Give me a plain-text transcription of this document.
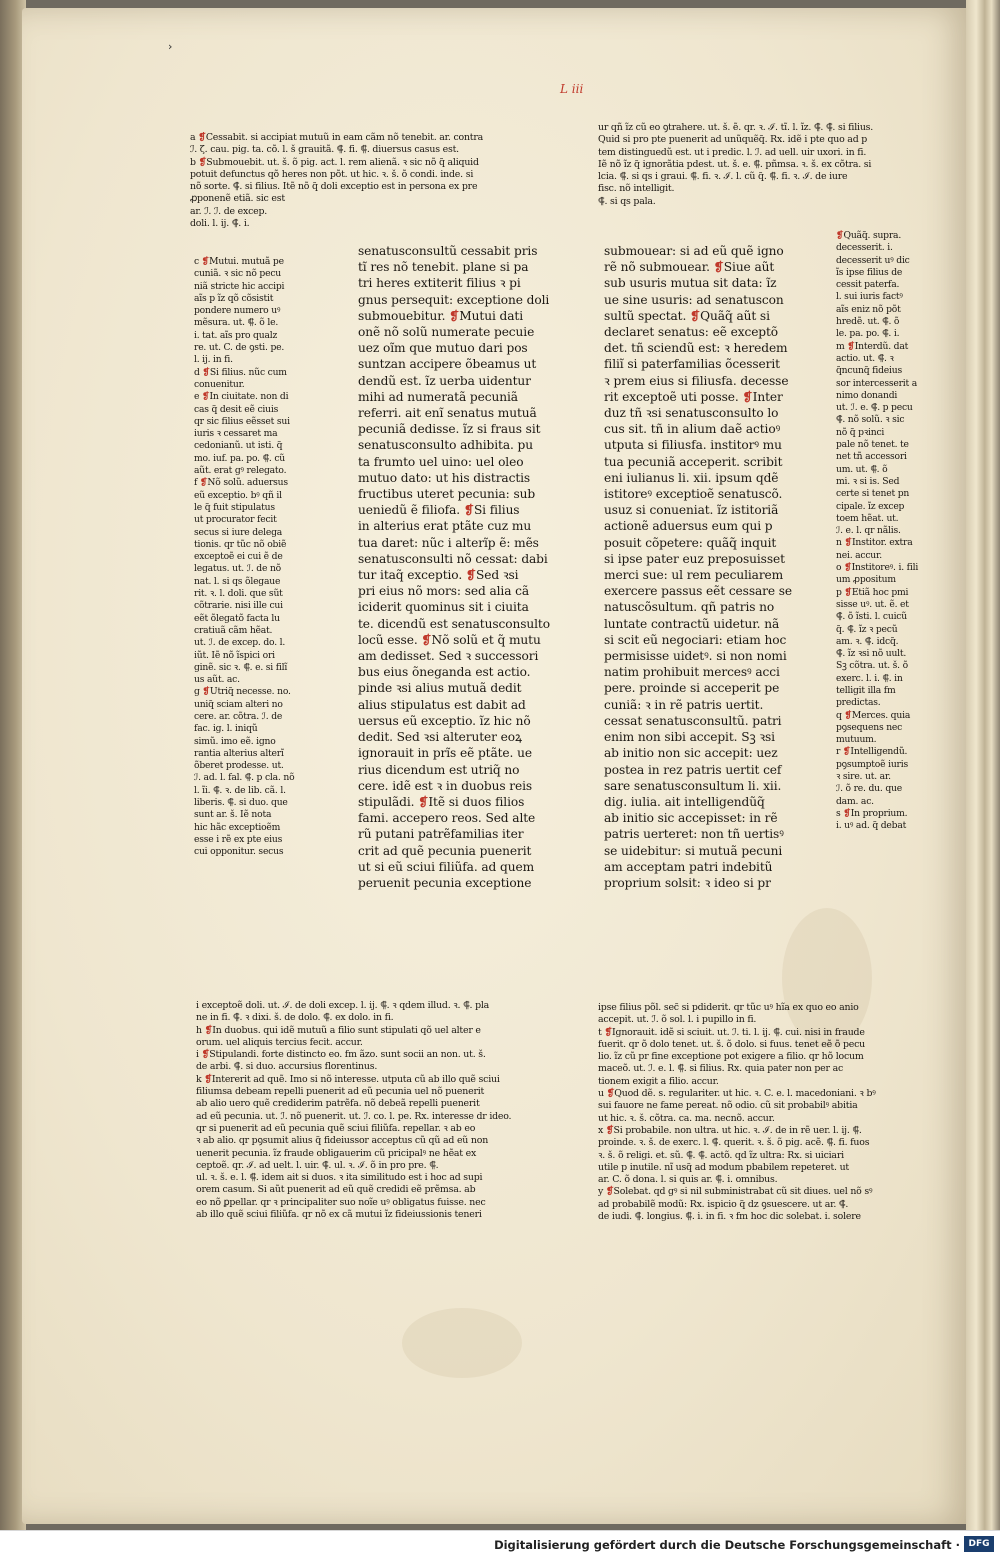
›
L iii

a ❡Cessabit. si accipiat mutuũ in eam cãm nõ tenebit. ar. contra

ℐ. ζ. cau. pig. ta. cõ. l. š grauitã. ⸿. fi. ⸿. diuersus casus est.

b ❡Submouebit. ut. š. õ pig. act. l. rem alienã. ꝛ sic nõ q̃ aliquid

potuit defunctus qõ heres non põt. ut hic. ꝛ. š. õ condi. inde. si

nõ sorte. ⸿. si filius. Itẽ nõ q̃ doli exceptio est in persona ex pre

ꝓponenẽ etiã. sic est

ar. ℐ. ℐ. de excep.

doli. l. ij. ⸿. i.

ur qñ ĩz cũ eo ꝯtrahere. ut. š. ẽ. qr. ꝛ. ℐ. tĩ. l. ĩz. ⸿. ⸿. si filius.

Quid si pro pte puenerit ad unũquẽq̃. Rx. idẽ i pte quo ad p

tem distinguedũ est. ut i predic. l. ℐ. ad uell. uir uxori. in fi.

Iẽ nõ ĩz q̃ ignorãtia pdest. ut. š. e. ⸿. pñmsa. ꝛ. š. ex cõtra. si

lcia. ⸿. si qs i graui. ⸿. fi. ꝛ. ℐ. l. cũ q̃. ⸿. fi. ꝛ. ℐ. de iure

fisc. nõ intelligit.

⸿. si qs pala.

c ❡Mutui. mutuã pe

cuniã. ꝛ sic nõ pecu

niã stricte hic accipi

aĩs p ĩz qõ cõsistit

pondere numero uꝰ

mẽsura. ut. ⸿. õ le.

i. tat. aĩs pro qualz

re. ut. C. de ꝯsti. pe.

l. ij. in fi.

d ❡Si filius. nũc cum

conuenitur.

e ❡In ciuitate. non di

cas q̃ desit eẽ ciuis

qr sic filius eẽsset sui

iuris ꝛ cessaret ma

cedonianũ. ut isti. q̃

mo. iuf. pa. po. ⸿. cũ

aũt. erat gꝰ relegato.

f ❡Nõ solũ. aduersus

eũ exceptio. bꝰ qñ il

le q̃ fuit stipulatus

ut procurator fecit

secus si iure delega

tionis. qr tũc nõ obiẽ

exceptoẽ ei cui ẽ de

legatus. ut. ℐ. de nõ

nat. l. si qs õlegaue

rit. ꝛ. l. doli. que sũt

cõtrarie. nisi ille cui

eẽt õlegatõ facta lu

cratiuã cãm hẽat.

ut. ℐ. de excep. do. l.

iũt. Iẽ nõ ĩspici ori

ginẽ. sic ꝛ. ⸿. e. si filĩ

us aũt. ac.

g ❡Utriq̃ necesse. no.

uniq̃ sciam alteri no

cere. ar. cõtra. ℐ. de

fac. ig. l. iniqũ

simũ. imo eẽ. igno

rantia alterius alterĩ

õberet prodesse. ut.

ℐ. ad. l. fal. ⸿. p cla. nõ

l. ĩi. ⸿. ꝛ. de lib. cã. l.

liberis. ⸿. si duo. que

sunt ar. š. Iẽ nota

hic hãc exceptioẽm

esse i rẽ ex pte eius

cui opponitur. secus

senatusconsultũ cessabit pris

tĩ res nõ tenebit. plane si pa

tri heres extiterit filius ꝛ pi

gnus persequit: exceptione doli

submouebitur. ❡Mutui dati

onẽ nõ solũ numerate pecuie

uez oĩm que mutuo dari pos

suntzan accipere õbeamus ut

dendũ est. ĩz uerba uidentur

mihi ad numeratã pecuniã

referri. ait enĩ senatus mutuã

pecuniã dedisse. ĩz si fraus sit

senatusconsulto adhibita. pu

ta frumto uel uino: uel oleo

mutuo dato: ut his distractis

fructibus uteret pecunia: sub

ueniedũ ẽ filiofa. ❡Si filius

in alterius erat ptãte cuz mu

tua daret: nũc i alterĩp ẽ: mẽs

senatusconsulti nõ cessat: dabi

tur itaq̃ exceptio. ❡Sed ꝛsi

pri eius nõ mors: sed alia cã

iciderit quominus sit i ciuita

te. dicendũ est senatusconsulto

locũ esse. ❡Nõ solũ et q̃ mutu

am dedisset. Sed ꝛ successori

bus eius õneganda est actio.

pinde ꝛsi alius mutuã dedit

alius stipulatus est dabit ad

uersus eũ exceptio. ĩz hic nõ

dedit. Sed ꝛsi alteruter eoꝝ

ignorauit in prĩs eẽ ptãte. ue

rius dicendum est utriq̃ no

cere. idẽ est ꝛ in duobus reis

stipulãdi. ❡Itẽ si duos filios

fami. accepero reos. Sed alte

rũ putani patrẽfamilias iter

crit ad quẽ pecunia puenerit

ut si eũ sciui filiũfa. ad quem

peruenit pecunia exceptione

submouear: si ad eũ quẽ igno

rẽ nõ submouear. ❡Siue aũt

sub usuris mutua sit data: ĩz

ue sine usuris: ad senatuscon

sultũ spectat. ❡Quãq̃ aũt si

declaret senatus: eẽ exceptõ

det. tñ sciendũ est: ꝛ heredem

filiĩ si paterfamilias õcesserit

ꝛ prem eius si filiusfa. decesse

rit exceptoẽ uti posse. ❡Inter

duz tñ ꝛsi senatusconsulto lo

cus sit. tñ in alium daẽ actioꝰ

utputa si filiusfa. institorꝰ mu

tua pecuniã acceperit. scribit

eni iulianus li. xii. ipsum qdẽ

istitoreꝰ exceptioẽ senatuscõ.

usuz si conueniat. ĩz istitoriã

actionẽ aduersus eum qui p

posuit cõpetere: quãq̃ inquit

si ipse pater euz preposuisset

merci sue: ul rem peculiarem

exercere passus eẽt cessare se

natuscõsultum. qñ patris no

luntate contractũ uidetur. nã

si scit eũ negociari: etiam hoc

permisisse uidetꝰ. si non nomi

natim prohibuit mercesꝰ acci

pere. proinde si acceperit pe

cuniã: ꝛ in rẽ patris uertit.

cessat senatusconsultũ. patri

enim non sibi accepit. Sꝫ ꝛsi

ab initio non sic accepit: uez

postea in rez patris uertit cef

sare senatusconsultum li. xii.

dig. iulia. ait intelligendũq̃

ab initio sic accepisset: in rẽ

patris uerteret: non tñ uertisꝰ

se uidebitur: si mutuã pecuni

am acceptam patri indebitũ

proprium solsit: ꝛ ideo si pr

❡Quãq̃. supra.

decesserit. i.

decesserit uꝰ dic

ĩs ipse filius de

cessit paterfa.

l. sui iuris factꝰ

aĩs eniz nõ põt

hredẽ. ut. ⸿. õ

le. pa. po. ⸿. i.

m ❡Interdũ. dat

actio. ut. ⸿. ꝛ

q̃ncunq̃ fideius

sor intercesserit a

nimo donandi

ut. ℐ. e. ⸿. p pecu

⸿. nõ solũ. ꝛ sic

nõ q̃ pꝛinci

pale nõ tenet. te

net tñ accessori

um. ut. ⸿. õ

mi. ꝛ si is. Sed

certe si tenet pn

cipale. ĩz excep

toem hẽat. ut.

ℐ. e. l. qr nãlis.

n ❡Institor. extra

nei. accur.

o ❡Institoreꝰ. i. fili

um ꝓpositum

p ❡Etiã hoc pmi

sisse uꝰ. ut. ẽ. et

⸿. õ ĩsti. l. cuicũ

q̃. ⸿. ĩz ꝛ pecũ

am. ꝛ. ⸿. idcq̃.

⸿. ĩz ꝛsi nõ uult.

Sꝫ cõtra. ut. š. õ

exerc. l. i. ⸿. in

telligit illa fm

predictas.

q ❡Merces. quia

pꝯsequens nec

mutuum.

r ❡Intelligendũ.

pꝯsumptoẽ iuris

ꝛ sire. ut. ar.

ℐ. õ re. du. que

dam. ac.

s ❡In proprium.

i. uꝰ ad. q̃ debat

i exceptoẽ doli. ut. ℐ. de doli excep. l. ij. ⸿. ꝛ qdem illud. ꝛ. ⸿. pla

ne in fi. ⸿. ꝛ dixi. š. de dolo. ⸿. ex dolo. in fi.

h ❡In duobus. qui idẽ mutuũ a filio sunt stipulati qõ uel alter e

orum. uel aliquis tercius fecit. accur.

i ❡Stipulandi. forte distincto eo. fm ãzo. sunt socii an non. ut. š.

de arbi. ⸿. si duo. accursius florentinus.

k ❡Intererit ad quẽ. Imo si nõ interesse. utputa cũ ab illo quẽ sciui

filiumsa debeam repelli puenerit ad eũ pecunia uel nõ puenerit

ab alio uero quẽ crediderim patrẽfa. nõ debeã repelli puenerit

ad eũ pecunia. ut. ℐ. nõ puenerit. ut. ℐ. co. l. pe. Rx. interesse dr ideo.

qr si puenerit ad eũ pecunia quẽ sciui filiũfa. repellar. ꝛ ab eo

ꝛ ab alio. qr pꝯsumit alius q̃ fideiussor acceptus cũ qũ ad eũ non

uenerit pecunia. ĩz fraude obligauerim cũ pricipalꝰ ne hẽat ex

ceptoẽ. qr. ℐ. ad uelt. l. uir. ⸿. ul. ꝛ. ℐ. õ in pro pre. ⸿.

ul. ꝛ. š. e. l. ⸿. idem ait si duos. ꝛ ita similitudo est i hoc ad supi

orem casum. Si aũt puenerit ad eũ quẽ credidi eẽ prẽmsa. ab

eo nõ ꝑpellar. qr ꝛ principaliter suo noĩe uꝰ obligatus fuisse. nec

ab illo quẽ sciui filiũfa. qr nõ ex cã mutui ĩz fideiussionis teneri

ipse filius põl. sec̃ si pdiderit. qr tũc uꝰ hĩa ex quo eo anio

accepit. ut. ℐ. õ sol. l. i pupillo in fi.

t ❡Ignorauit. idẽ si sciuit. ut. ℐ. ti. l. ij. ⸿. cui. nisi in fraude

fuerit. qr õ dolo tenet. ut. š. õ dolo. si fuus. tenet eẽ õ pecu

lio. ĩz cũ pr fine exceptione pot exigere a filio. qr hõ locum

maceõ. ut. ℐ. e. l. ⸿. si filius. Rx. quia pater non per ac

tionem exigit a filio. accur.

u ❡Quod dẽ. s. regulariter. ut hic. ꝛ. C. e. l. macedoniani. ꝛ bꝰ

sui fauore ne fame pereat. nõ odio. cũ sit probabilꝰ abitia

ut hic. ꝛ. š. cõtra. ca. ma. necnõ. accur.

x ❡Si probabile. non ultra. ut hic. ꝛ. ℐ. de in rẽ uer. l. ij. ⸿.

proinde. ꝛ. š. de exerc. l. ⸿. querit. ꝛ. š. õ pig. acẽ. ⸿. fi. fuos

ꝛ. š. õ religi. et. sũ. ⸿. ⸿. actõ. qd ĩz ultra: Rx. si uiciari

utile p inutile. nĩ usq̃ ad modum pbabilem repeteret. ut

ar. C. õ dona. l. si quis ar. ⸿. i. omnibus.

y ❡Solebat. qd gꝰ si nil subministrabat cũ sit diues. uel nõ sꝰ

ad probabilẽ modũ: Rx. ispicio q̃ dz ꝯsuescere. ut ar. ⸿.

de iudi. ⸿. longius. ⸿. i. in fi. ꝛ fm hoc dic solebat. i. solere

Digitalisierung gefördert durch die Deutsche Forschungsgemeinschaft · DFG
